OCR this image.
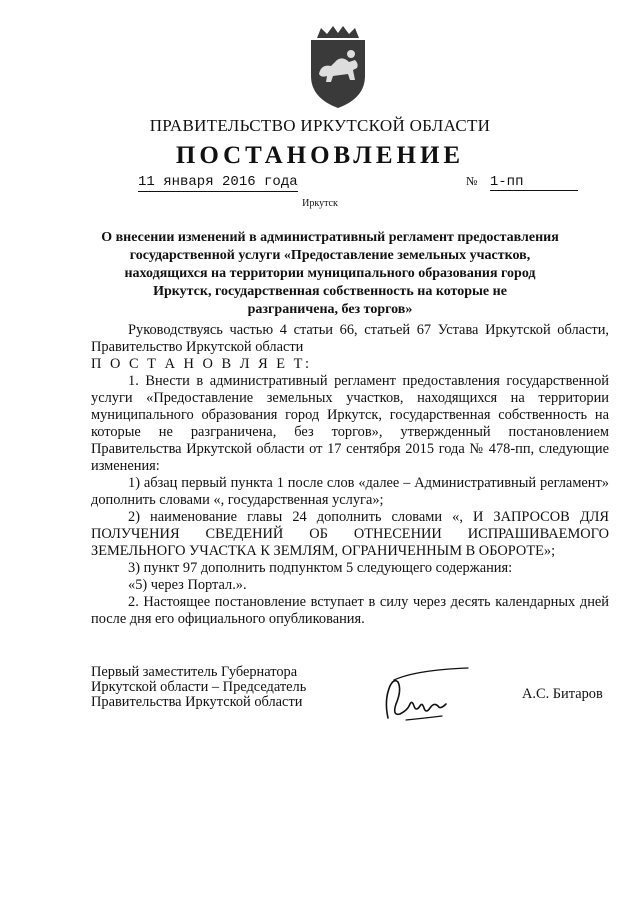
ПРАВИТЕЛЬСТВО ИРКУТСКОЙ ОБЛАСТИ
ПОСТАНОВЛЕНИЕ
11 января 2016 года	№ 1-пп
Иркутск
О внесении изменений в административный регламент предоставления
государственной услуги «Предоставление земельных участков,
находящихся на территории муниципального образования город
Иркутск, государственная собственность на которые не
разграничена, без торгов»

Руководствуясь частью 4 статьи 66, статьей 67 Устава Иркутской области, Правительство Иркутской области

П О С Т А Н О В Л Я Е Т:

1. Внести в административный регламент предоставления государственной услуги «Предоставление земельных участков, находящихся на территории муниципального образования город Иркутск, государственная собственность на которые не разграничена, без торгов», утвержденный постановлением Правительства Иркутской области от 17 сентября 2015 года № 478-пп, следующие изменения:

1) абзац первый пункта 1 после слов «далее – Административный регламент» дополнить словами «, государственная услуга»;

2) наименование главы 24 дополнить словами «, И ЗАПРОСОВ ДЛЯ ПОЛУЧЕНИЯ СВЕДЕНИЙ ОБ ОТНЕСЕНИИ ИСПРАШИВАЕМОГО ЗЕМЕЛЬНОГО УЧАСТКА К ЗЕМЛЯМ, ОГРАНИЧЕННЫМ В ОБОРОТЕ»;

3) пункт 97 дополнить подпунктом 5 следующего содержания:

«5) через Портал.».

2. Настоящее постановление вступает в силу через десять календарных дней после дня его официального опубликования.

Первый заместитель Губернатора
Иркутской области – Председатель
Правительства Иркутской области	А.С. Битаров
